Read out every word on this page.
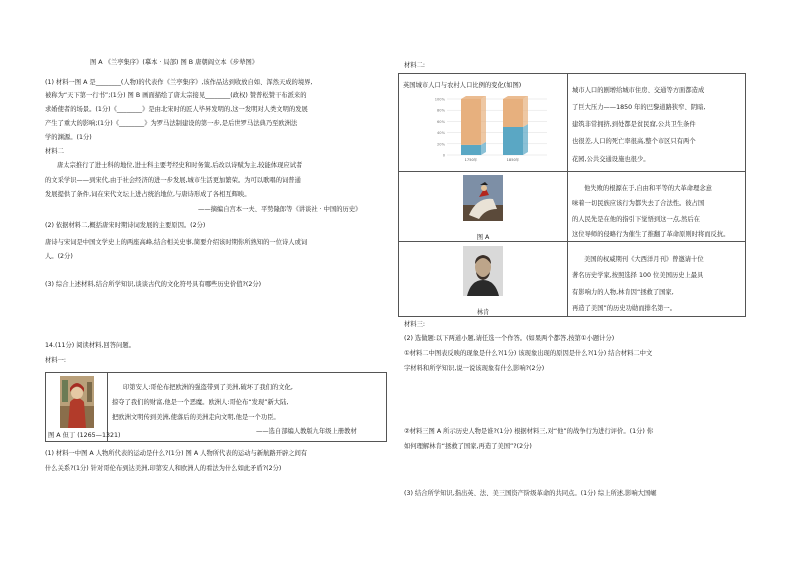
图 A 《兰亭集序》(摹本 · 局部) 图 B 唐朝阎立本《步辇图》

(1) 材料一图 A 是________(人物)的代表作《兰亭集序》,该作品达到收放自如、浑然天成的境界,

被称为“天下第一行书”;(1分) 图 B 画面描绘了唐太宗接见________(政权) 赞普松赞干布派来的

求婚使者的场景。(1分)《________》是由北宋时的匠人毕昇发明的,这一发明对人类文明的发展

产生了重大的影响;(1分)《________》为罗马法制建设的第一步,是后世罗马法典乃至欧洲法

学的渊源。(1分)

材料二

唐太宗推行了进士科的地位,进士科主要考经史和时务策,后改以诗赋为主,较能体现应试者

的文采学识——到宋代,由于社会经济的进一步发展,城市生活更加繁荣。为可以歌唱的词普通

发展提供了条件,词在宋代文坛上进占统治地位,与唐诗形成了各相互辉映。

——摘编自宫本一夫、平势隆郎等《讲谈社 · 中国的历史》

(2) 依据材料二,概括唐宋时期诗词发展的主要原因。(2分)

唐诗与宋词是中国文学史上的两座高峰,结合相关史事,简要介绍该时期你所熟知的一位诗人或词

人。(2分)

(3) 综合上述材料,结合所学知识,谈谈古代的文化符号具有哪些历史价值?(2分)

14.(11分) 阅读材料,回答问题。

材料一:

图 A 但丁 (1265—1321)

印第安人:哥伦布把欧洲的强盗带到了美洲,破坏了我们的文化,

掠夺了我们的财富,他是一个恶魔。欧洲人:哥伦布“发现”新大陆,

把欧洲文明传到美洲,使落后的美洲走向文明,他是一个功臣。

——选自部编人教版九年级上册教材

(1) 材料一中图 A 人物所代表的运动是什么?(1分) 图 A 人物所代表的运动与新航路开辟之间有

什么关系?(1分) 针对哥伦布到达美洲,印第安人和欧洲人的看法为什么如此矛盾?(2分)

材料二:

英国城市人口与农村人口比例的变化(如图)

100%
80%
60%
40%
20%
0
1750年	1850年

城市人口的剧增给城市住房、交通等方面都造成

了巨大压力——1850 年的巴黎道路狭窄、阴暗,

建筑非常拥挤,到处都是贫民窟,公共卫生条件

也很差,人口的死亡率很高,整个市区只有两个

花园,公共交通设施也很少。

图 A

他失败的根源在于,自由和平等的大革命理念意

味着一切民族应该行为都失去了合法性。彼占国

的人民先是在他的指引下觉悟到这一点,然后在

这位导师的侵略行为催生了推翻了革命原则时将而反抗。

林肯

美国的权威期刊《大西洋月刊》曾邀请十位

著名历史学家,按照选择 100 位美国历史上最具

有影响力的人物,林肯因“拯救了国家,

再造了美国”的历史功勋而排名第一。

材料三:

(2) 选做题:以下两道小题,请任选一个作答。(如果两个都答,按第①小题计分)

①材料二中图表反映的现象是什么?(1分) 该现象出现的原因是什么?(1分) 结合材料二中文

字材料和所学知识,说一说该现象有什么影响?(2分)

②材料三图 A 所示历史人物是谁?(1分) 根据材料三,对“他”的战争行为进行评价。(1分) 你

如何理解林肯“拯救了国家,再造了美国”?(2分)

(3) 结合所学知识,指出英、法、美三国资产阶级革命的共同点。(1分) 综上所述,影响大国崛
